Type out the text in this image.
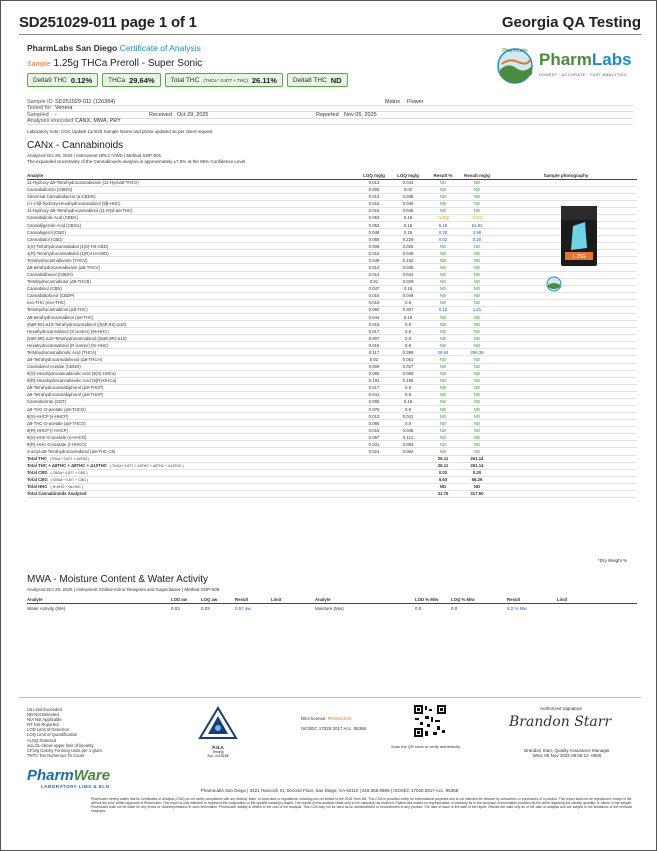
SD251029-011 page 1 of 1	Georgia QA Testing
PharmLabs San Diego Certificate of Analysis
Sample 1.25g THCa Preroll - Super Sonic
Delta9 THC 0.12% THCa 29.64% Total THC (THCa * 0.877 + THC) 26.11% Delta8 THC ND
PharmLabs PharmLabs
HONEST · ACCURATE · FAST ANALYTICS
Sample ID SD251029-011 (126384)	Matrix	Flower
Tested for Venera
Sampled	-	Received Oct 29, 2025	Reported Nov 05, 2025
Analyses executed CANX, MWA, PRY
Laboratory note: COA Update 11/4/25 Sample Name and photo updated as per client request
CANx - Cannabinoids
Analyzed Oct 29, 2025 | Instrument HPLC-VWD | Method SOP-001
The expanded Uncertainty of the Cannabinoids analysis is approximately ±7.8% at the 95% Confidence Level
Analyte	LOQ mg/g	LOQ mg/g	Result %	Result mg/g	Sample photography
11-Hydroxy-Δ9-Tetrahydrocannabivarin (11-Hyd-Δ9-THCV)	0.013	0.041	ND	ND	
Cannabidiorcin (CBDO)	0.006	0.02	ND	ND	
Abnormal Cannabidiorcin (a-CBDO)	0.013	0.038	ND	ND	
(+/-)-9β-hydroxy-Hexahydrocannabinol (9β-HHC)	0.015	0.045	ND	ND	
11-Hydroxy-Δ8-Tetrahydrocannabinol (11-Hyd-Δ8-THC)	0.015	0.045	ND	ND	
Cannabidiolic Acid (CBDA)	0.053	0.16	<LOQ	<LOQ	
Cannabigerolic Acid (CBGA)	0.053	0.16	6.19	61.91	
Cannabigerol (CBG)	0.048	0.16	0.20	1.96	
Cannabidiol (CBD)	0.069	0.229	0.02	0.20	
1(S)-Tetrahydrocannabidiol (1(S)-H4-CBD)	0.008	0.026	ND	ND	
1(R)-Tetrahydrocannabidiol (1(R)-H4-CBD)	0.016	0.049	ND	ND	
Tetrahydrocannabivarin (THCV)	0.049	0.162	ND	ND	
Δ8-tetrahydrocannabivarin (Δ8-THCV)	0.012	0.036	ND	ND	
Cannabidihexol (CBDH)	0.014	0.042	ND	ND	
Tetrahydrocannabutol (Δ9-THCB)	0.01	0.029	ND	ND	
Cannabinol (CBN)	0.047	0.16	ND	ND	
Cannabidiphorol (CBDP)	0.016	0.049	ND	ND	
exo-THC (exo-THC)	0.016	0.8	ND	ND	
Tetrahydrocannabinol (Δ9-THC)	0.092	0.307	0.12	1.21	
Δ8-tetrahydrocannabinol (Δ8-THC)	0.044	0.16	ND	ND	
(6aR,9S)-Δ10-Tetrahydrocannabinol ((6aR,9S)-Δ10)	0.015	0.8	ND	ND	
Hexahydrocannabinol (S isomer) (9s-HHC)	0.017	0.8	ND	ND	
(6aR,9R)-Δ10-Tetrahydrocannabinol ((6aR,9R)-Δ10)	0.007	0.8	ND	ND	
Hexahydrocannabinol (R isomer) (9r-HHC)	0.016	0.8	ND	ND	
Tetrahydrocannabinolic Acid (THCA)	0.117	0.389	29.64	296.39	
Δ9-Tetrahydrocannabihexol (Δ9-THCH)	0.02	0.061	ND	ND	
Cannabinol Acetate (CBNO)	0.009	0.027	ND	ND	
9(S)-Hexahydrocannabinolic Acid (9(S)-HHCa)	0.065	0.065	ND	ND	
9(R)-Hexahydrocannabinolic Acid (9(R)-HHCa)	0.191	0.196	ND	ND	
Δ9-Tetrahydrocannabiphorol (Δ9-THCP)	0.017	0.8	ND	ND	
Δ8-Tetrahydrocannabiphorol (Δ8-THCP)	0.041	0.8	ND	ND	
Cannabicitran (CBT)	0.005	0.16	ND	ND	
Δ8-THC-O-acetate (Δ8-THCO)	0.076	0.8	ND	ND	
9(S)-HHCP (s-HHCP)	0.013	0.041	ND	ND	
Δ9-THC-O-acetate (Δ9-THCO)	0.066	0.8	ND	ND	
9(R)-HHCP (r-HHCP)	0.015	0.045	ND	ND	
9(S)-HHC-O-acetate (s-HHCO)	0.057	0.112	ND	ND	
9(R)-HHC-O-acetate (r-HHCO)	0.031	0.093	ND	ND	
3-octyl-Δ8-Tetrahydrocannabinol (Δ8-THC-C8)	0.021	0.062	ND	ND	
Total THC (THCa * 0.877 + Δ9THC)			26.11	261.14	
Total THC + Δ8THC + Δ8THC + Δ10THC ( THCa * 0.877 + Δ9THC + Δ8THC + Δ10THC )			26.11	261.14	
Total CBD ( CBDa * 0.877 + CBD )			0.02	0.20	
Total CBG ( CBGa * 0.877 + CBG )			5.63	56.26	
Total HHC ( 9r-HHC + 9s-HHC )			ND	ND	
Total Cannabinoids Analyzed			31.76	317.60	
1.25G
*Dry Weight %
MWA - Moisture Content & Water Activity
Analyzed Oct 29, 2025 | Instrument Chilled-mirror Dewpoint and Capacitance | Method SOP-009
Analyte	LOD aw	LOQ aw	Result	Limit	Analyte	LOD % M/w	LOQ % M/w	Result	Limit
Water Activity (WA)	0.03	0.03	0.57 aw		Moisture (Moi)	0.0	0.0	8.2 % Mw	
LB Limit Exceeded
ND Not Detected
N/A Not Applicable
NT Not Reported
LOD Limit of Detection
LOQ Limit of Quantification
<LOQ Detected
≥ULOL Above upper limit of linearity
CFU/g Colony Forming Units per 1 gram
TNTC Too Numerous To Count
PharmWare
LABORATORY LIMS & ELN
PJLA
Testing
Acc. #115188
DEA license: RP0611043
ISO/IEC 17025:2017 Acc. 95368
Scan the QR code to verify authenticity
Authorized Signature
Brandon Starr
Brandon Starr, Quality Assurance Manager
Wed, 05 Nov 2025 09:56:12 -0800
PharmLabs San Diego | 3421 Hancock St, Second Floor, San Diego, CA 92110 | 619.356.0898 | ISO/IEC 17025:2017 Acc. 95368
PharmLabs hereby states that its Certificates of Analysis (COA) do not certify compliance with any federal, state, or local laws or regulations, including but not limited to the 2018 Farm Bill. This COA is provided solely for informational purposes and is not intended for reliance by consumers or purchasers of a product. This report shall not be reproduced, except in full, without the prior written approval of PharmLabs. This report is only intended to represent the composition of the specific sample(s) tested. The results of this analysis relate only to the sample(s) as received. PharmLabs makes no representation or warranty as to the accuracy of information provided by the client regarding the identity, quantity, or nature of the sample. PharmLabs shall not be liable for any errors or misinterpretations in such information. PharmLabs' liability is limited to the cost of the analysis. This COA may not be used as an advertisement or endorsement of any product. The date of issue is the date of the report. Results are valid only as of the date of analysis and are subject to the limitations of the methods employed.
